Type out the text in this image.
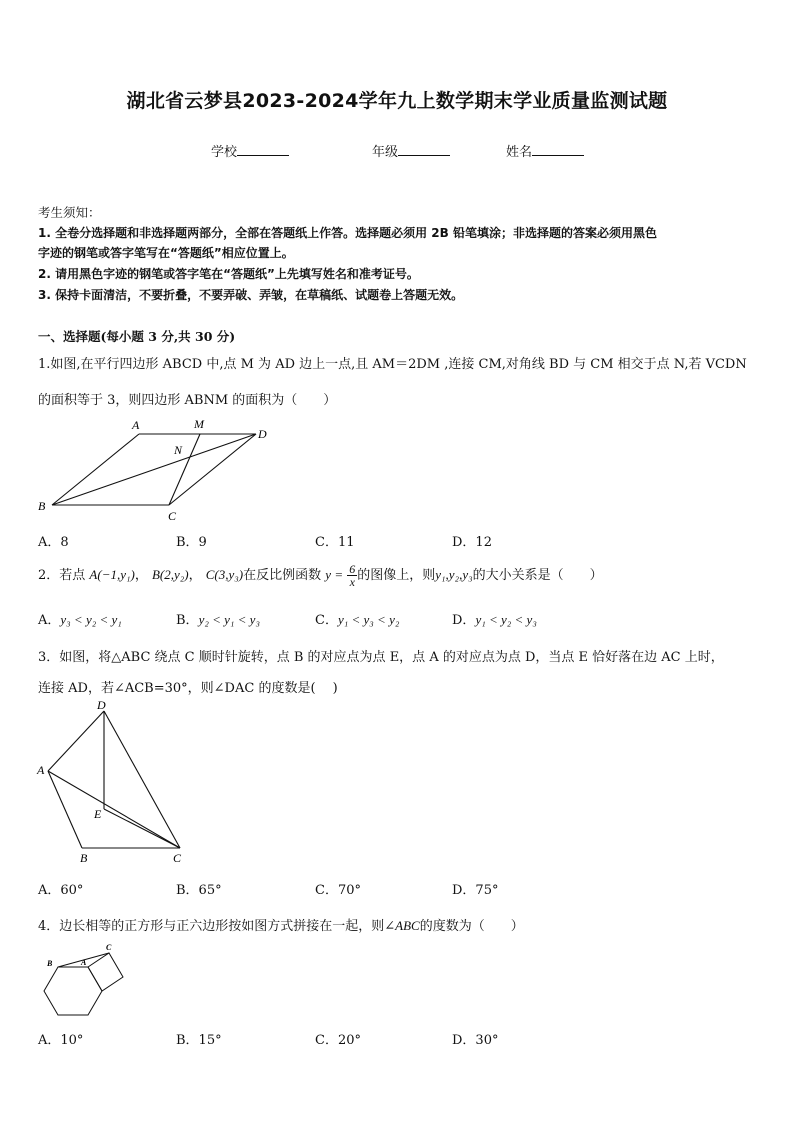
湖北省云梦县2023-2024学年九上数学期末学业质量监测试题
学校	年级	姓名
考生须知：
1. 全卷分选择题和非选择题两部分，全部在答题纸上作答。选择题必须用 2B 铅笔填涂；非选择题的答案必须用黑色
字迹的钢笔或答字笔写在“答题纸”相应位置上。
2. 请用黑色字迹的钢笔或答字笔在“答题纸”上先填写姓名和准考证号。
3. 保持卡面清洁，不要折叠，不要弄破、弄皱，在草稿纸、试题卷上答题无效。
一、选择题(每小题 3 分,共 30 分)
1.如图,在平行四边形 ABCD 中,点 M 为 AD 边上一点,且 AM＝2DM ,连接 CM,对角线 BD 与 CM 相交于点 N,若 VCDN
的面积等于 3，则四边形 ABNM 的面积为（　　）
A	M
D
N
B
C
A．8	B．9	C．11	D．12
2．若点 A(−1,y₁)， B(2,y₂)， C(3,y₃)在反比例函数 $y = \frac{6}{x}$ 的图像上，则y₁,y₂,y₃的大小关系是（　　）
A．y₃ < y₂ < y₁	B．y₂ < y₁ < y₃	C．y₁ < y₃ < y₂	D．y₁ < y₂ < y₃
3．如图，将△ABC 绕点 C 顺时针旋转，点 B 的对应点为点 E，点 A 的对应点为点 D，当点 E 恰好落在边 AC 上时，
连接 AD，若∠ACB=30°，则∠DAC 的度数是(　 )
D
A
E
B	C
A．60°	B．65°	C．70°	D．75°
4．边长相等的正方形与正六边形按如图方式拼接在一起，则∠ABC的度数为（　　）
B	A
C
A．10°	B．15°	C．20°	D．30°
